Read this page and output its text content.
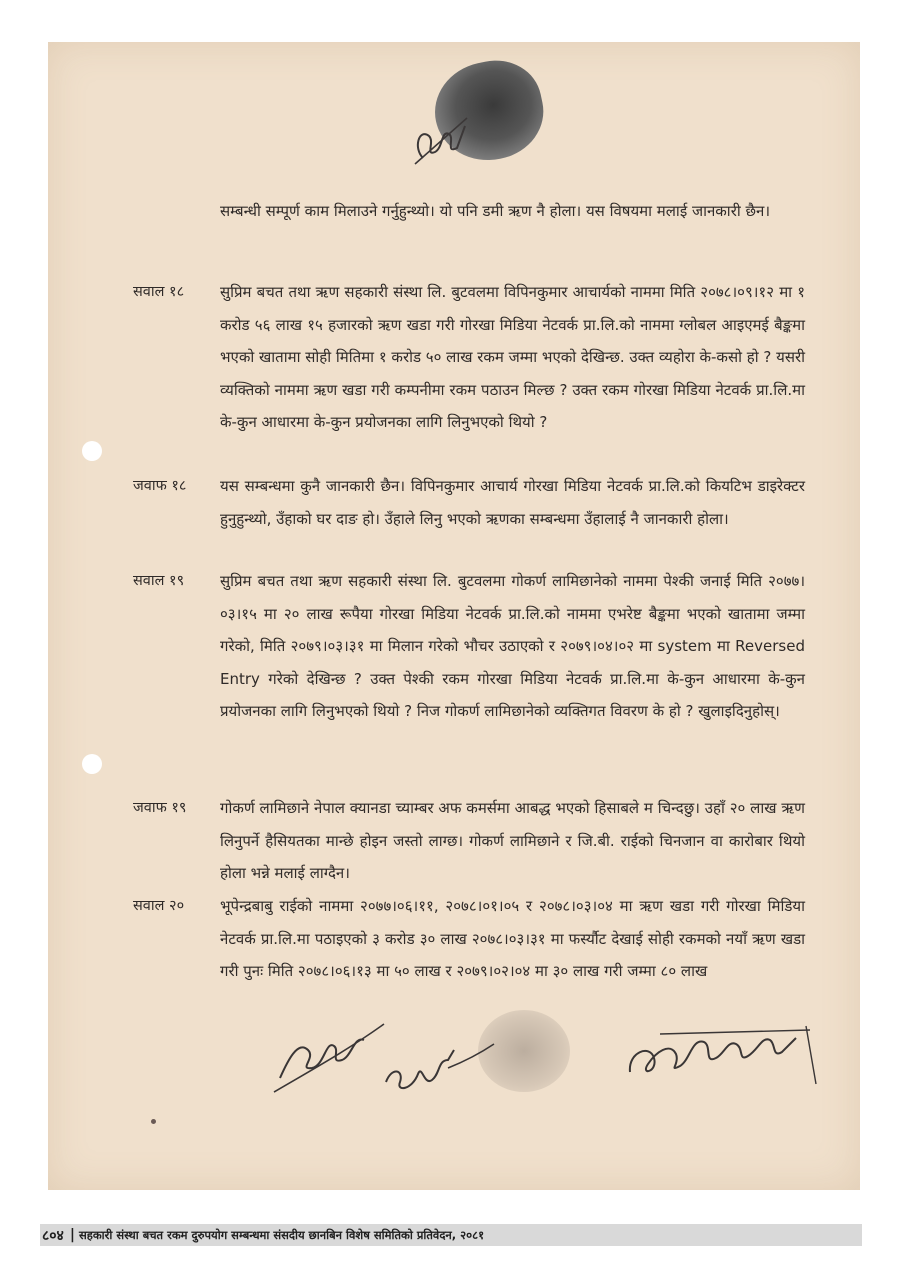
सम्बन्धी सम्पूर्ण काम मिलाउने गर्नुहुन्थ्यो। यो पनि डमी ऋण नै होला। यस विषयमा मलाई जानकारी छैन।

सवाल १८	सुप्रिम बचत तथा ऋण सहकारी संस्था लि. बुटवलमा विपिनकुमार आचार्यको नाममा मिति २०७८।०९।१२ मा १ करोड ५६ लाख १५ हजारको ऋण खडा गरी गोरखा मिडिया नेटवर्क प्रा.लि.को नाममा ग्लोबल आइएमई बैङ्कमा भएको खातामा सोही मितिमा १ करोड ५० लाख रकम जम्मा भएको देखिन्छ. उक्त व्यहोरा के-कसो हो ? यसरी व्यक्तिको नाममा ऋण खडा गरी कम्पनीमा रकम पठाउन मिल्छ ? उक्त रकम गोरखा मिडिया नेटवर्क प्रा.लि.मा के-कुन आधारमा के-कुन प्रयोजनका लागि लिनुभएको थियो ?

जवाफ १८	यस सम्बन्धमा कुनै जानकारी छैन। विपिनकुमार आचार्य गोरखा मिडिया नेटवर्क प्रा.लि.को कियटिभ डाइरेक्टर हुनुहुन्थ्यो, उँहाको घर दाङ हो। उँहाले लिनु भएको ऋणका सम्बन्धमा उँहालाई नै जानकारी होला।

सवाल १९	सुप्रिम बचत तथा ऋण सहकारी संस्था लि. बुटवलमा गोकर्ण लामिछानेको नाममा पेश्की जनाई मिति २०७७।०३।१५ मा २० लाख रूपैया गोरखा मिडिया नेटवर्क प्रा.लि.को नाममा एभरेष्ट बैङ्कमा भएको खातामा जम्मा गरेको, मिति २०७९।०३।३१ मा मिलान गरेको भौचर उठाएको र २०७९।०४।०२ मा system मा Reversed Entry गरेको देखिन्छ ? उक्त पेश्की रकम गोरखा मिडिया नेटवर्क प्रा.लि.मा के-कुन आधारमा के-कुन प्रयोजनका लागि लिनुभएको थियो ? निज गोकर्ण लामिछानेको व्यक्तिगत विवरण के हो ? खुलाइदिनुहोस्।

जवाफ १९	गोकर्ण लामिछाने नेपाल क्यानडा च्याम्बर अफ कमर्समा आबद्ध भएको हिसाबले म चिन्दछु। उहाँ २० लाख ऋण लिनुपर्ने हैसियतका मान्छे होइन जस्तो लाग्छ। गोकर्ण लामिछाने र जि.बी. राईको चिनजान वा कारोबार थियो होला भन्ने मलाई लाग्दैन।

सवाल २०	भूपेन्द्रबाबु राईको नाममा २०७७।०६।११, २०७८।०१।०५ र २०७८।०३।०४ मा ऋण खडा गरी गोरखा मिडिया नेटवर्क प्रा.लि.मा पठाइएको ३ करोड ३० लाख २०७८।०३।३१ मा फर्स्यौट देखाई सोही रकमको नयाँ ऋण खडा गरी पुनः मिति २०७८।०६।१३ मा ५० लाख र २०७९।०२।०४ मा ३० लाख गरी जम्मा ८० लाख

८०४ | सहकारी संस्था बचत रकम दुरुपयोग सम्बन्धमा संसदीय छानबिन विशेष समितिको प्रतिवेदन, २०८१
